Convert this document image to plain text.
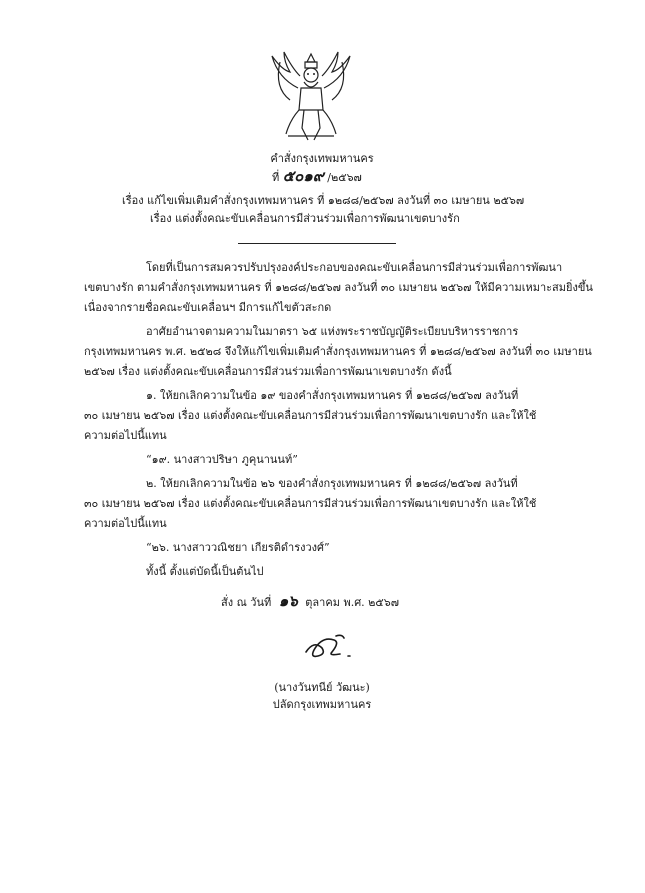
คำสั่งกรุงเทพมหานคร
ที่ ๕๐๑๙ /๒๕๖๗
เรื่อง แก้ไขเพิ่มเติมคำสั่งกรุงเทพมหานคร ที่ ๑๒๘๘/๒๕๖๗ ลงวันที่ ๓๐ เมษายน ๒๕๖๗
เรื่อง แต่งตั้งคณะขับเคลื่อนการมีส่วนร่วมเพื่อการพัฒนาเขตบางรัก
โดยที่เป็นการสมควรปรับปรุงองค์ประกอบของคณะขับเคลื่อนการมีส่วนร่วมเพื่อการพัฒนา
เขตบางรัก ตามคำสั่งกรุงเทพมหานคร ที่ ๑๒๘๘/๒๕๖๗ ลงวันที่ ๓๐ เมษายน ๒๕๖๗ ให้มีความเหมาะสมยิ่งขึ้น
เนื่องจากรายชื่อคณะขับเคลื่อนฯ มีการแก้ไขตัวสะกด
อาศัยอำนาจตามความในมาตรา ๖๕ แห่งพระราชบัญญัติระเบียบบริหารราชการ
กรุงเทพมหานคร พ.ศ. ๒๕๒๘ จึงให้แก้ไขเพิ่มเติมคำสั่งกรุงเทพมหานคร ที่ ๑๒๘๘/๒๕๖๗ ลงวันที่ ๓๐ เมษายน
๒๕๖๗ เรื่อง แต่งตั้งคณะขับเคลื่อนการมีส่วนร่วมเพื่อการพัฒนาเขตบางรัก ดังนี้
๑. ให้ยกเลิกความในข้อ ๑๙ ของคำสั่งกรุงเทพมหานคร ที่ ๑๒๘๘/๒๕๖๗ ลงวันที่
๓๐ เมษายน ๒๕๖๗ เรื่อง แต่งตั้งคณะขับเคลื่อนการมีส่วนร่วมเพื่อการพัฒนาเขตบางรัก และให้ใช้
ความต่อไปนี้แทน
“๑๙. นางสาวปริษา ภูคุนานนท์”
๒. ให้ยกเลิกความในข้อ ๒๖ ของคำสั่งกรุงเทพมหานคร ที่ ๑๒๘๘/๒๕๖๗ ลงวันที่
๓๐ เมษายน ๒๕๖๗ เรื่อง แต่งตั้งคณะขับเคลื่อนการมีส่วนร่วมเพื่อการพัฒนาเขตบางรัก และให้ใช้
ความต่อไปนี้แทน
“๒๖. นางสาววณิชยา เกียรติดำรงวงศ์”
ทั้งนี้ ตั้งแต่บัดนี้เป็นต้นไป
สั่ง ณ วันที่ ๑๖ ตุลาคม พ.ศ. ๒๕๖๗
(นางวันทนีย์ วัฒนะ)
ปลัดกรุงเทพมหานคร
